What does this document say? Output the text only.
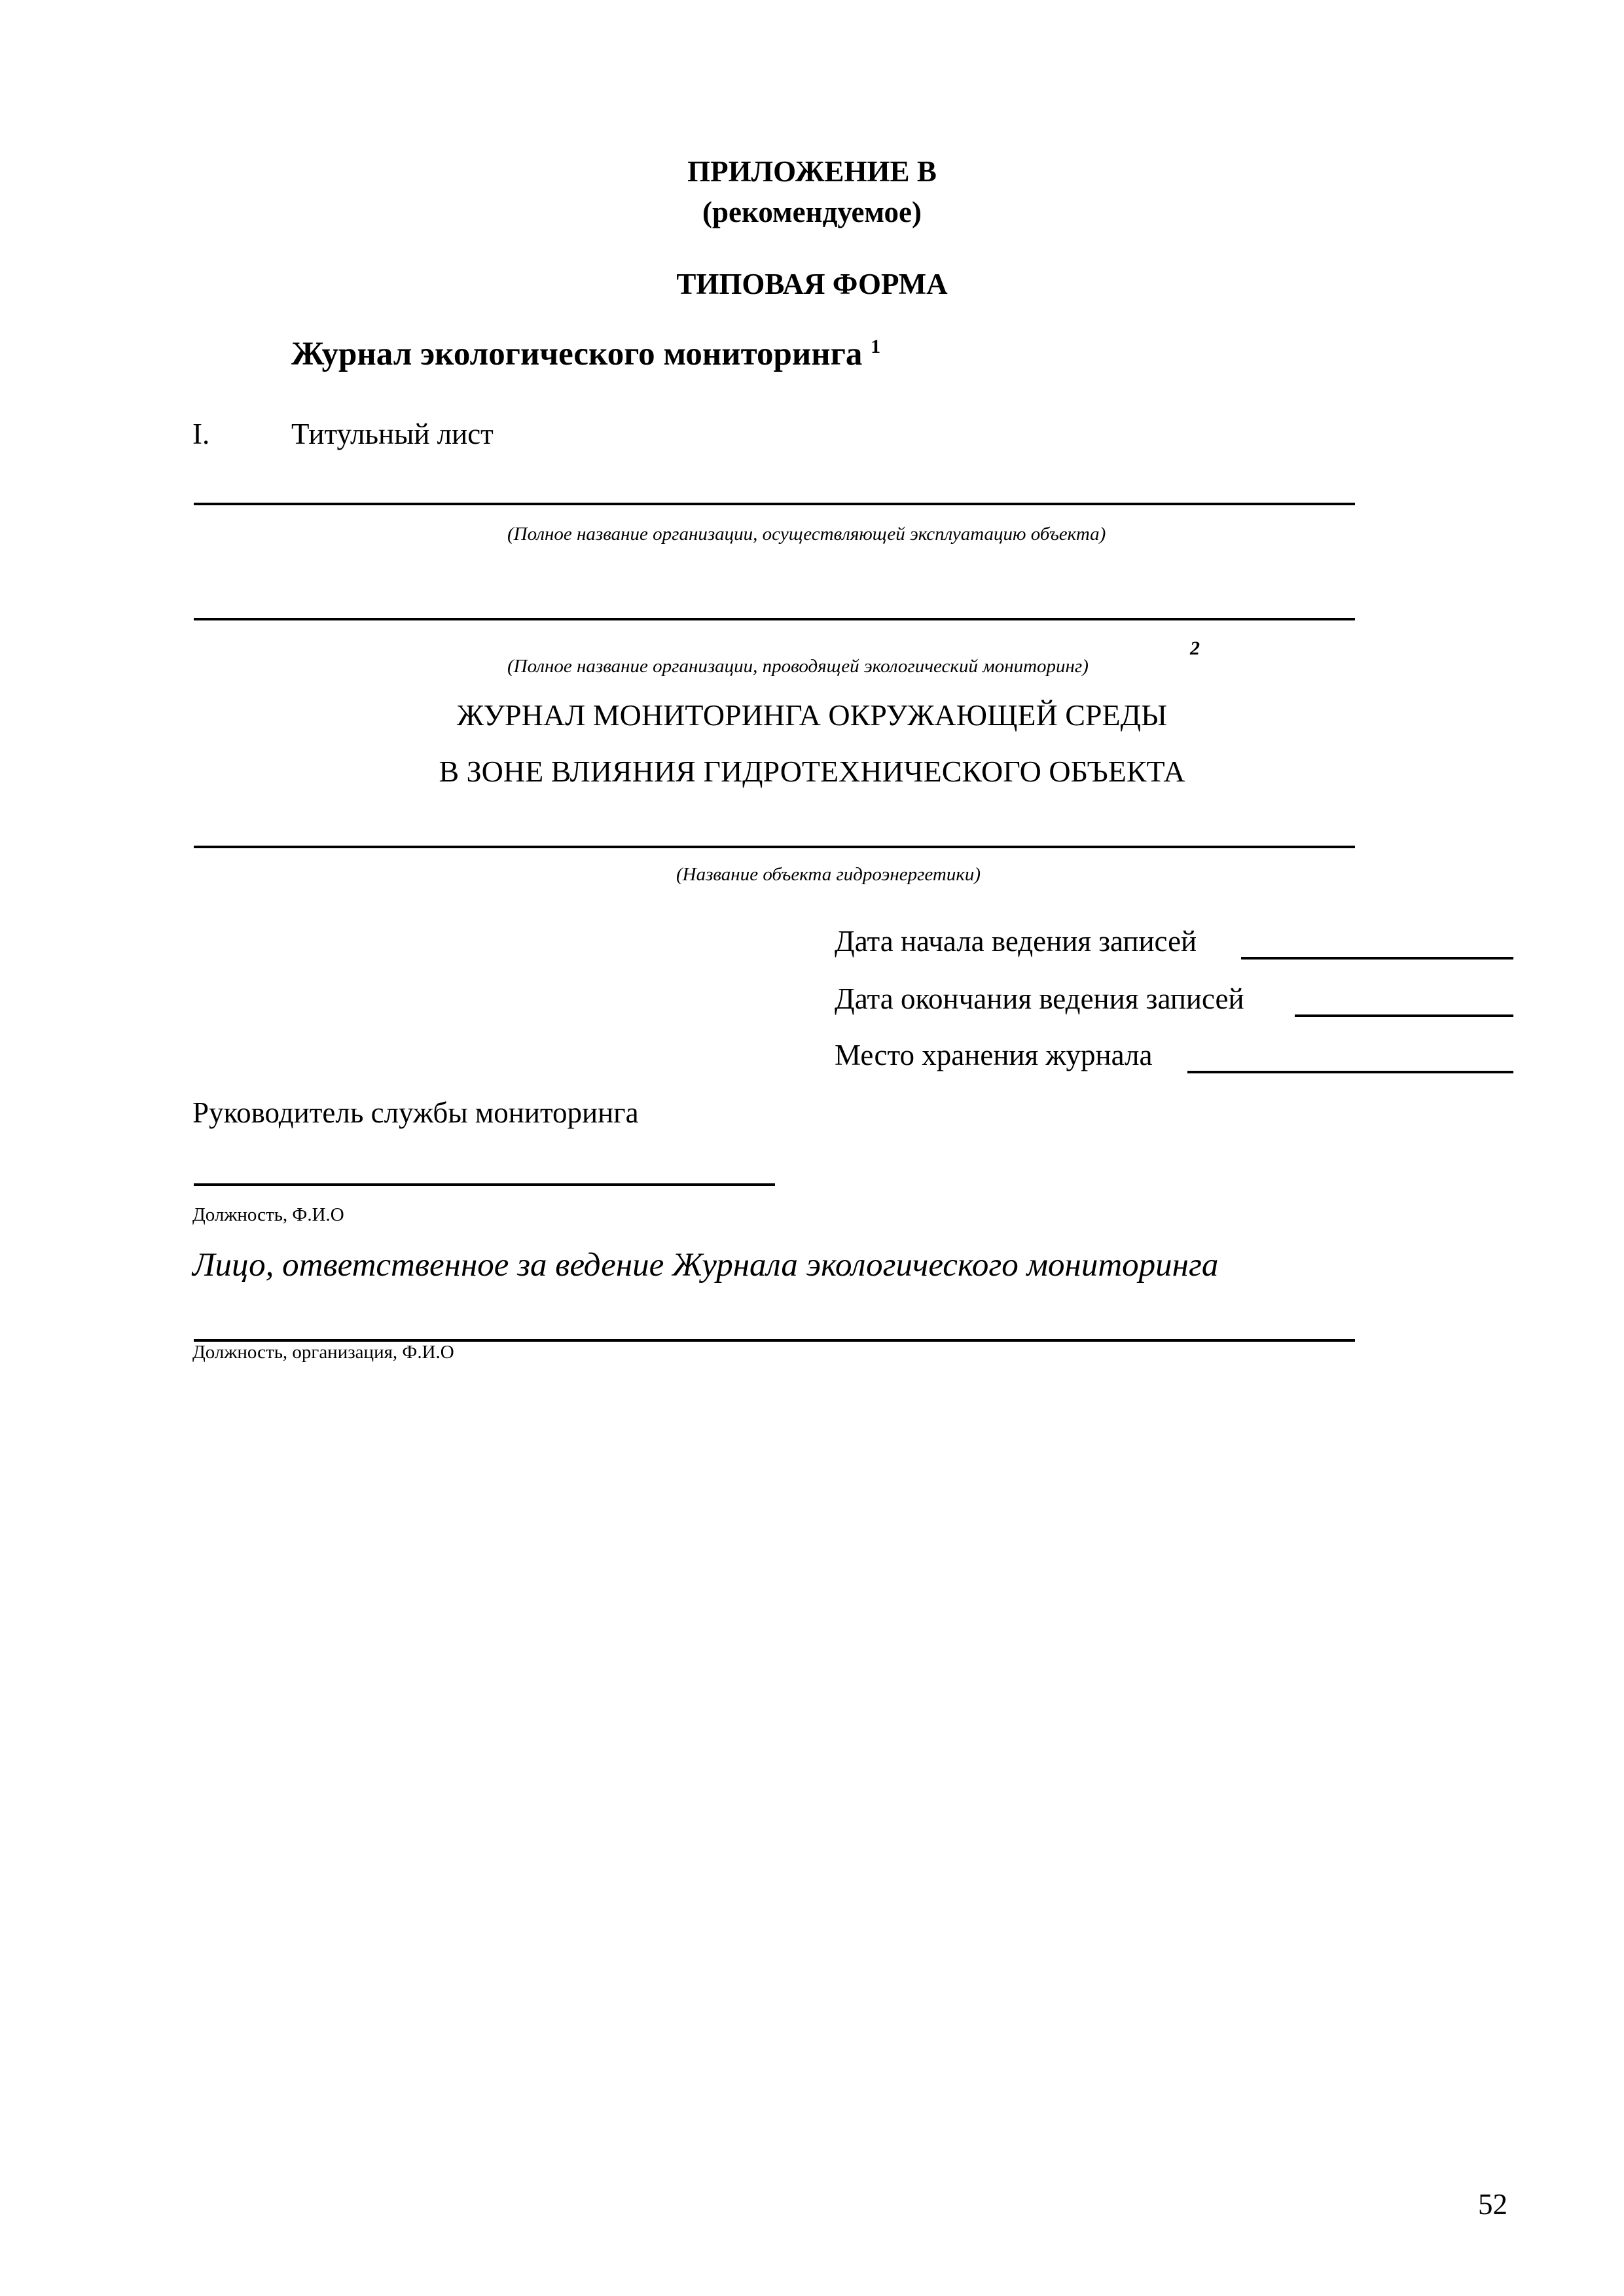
ПРИЛОЖЕНИЕ В
(рекомендуемое)
ТИПОВАЯ ФОРМА
Журнал экологического мониторинга $^1$
I.	Титульный лист
(Полное название организации, осуществляющей эксплуатацию объекта)
2
(Полное название организации, проводящей экологический мониторинг)
ЖУРНАЛ МОНИТОРИНГА ОКРУЖАЮЩЕЙ СРЕДЫ
В ЗОНЕ ВЛИЯНИЯ ГИДРОТЕХНИЧЕСКОГО ОБЪЕКТА
(Название объекта гидроэнергетики)
Дата начала ведения записей
Дата окончания ведения записей
Место хранения журнала
Руководитель службы мониторинга
Должность, Ф.И.О
Лицо, ответственное за ведение Журнала экологического мониторинга
Должность, организация, Ф.И.О
52
